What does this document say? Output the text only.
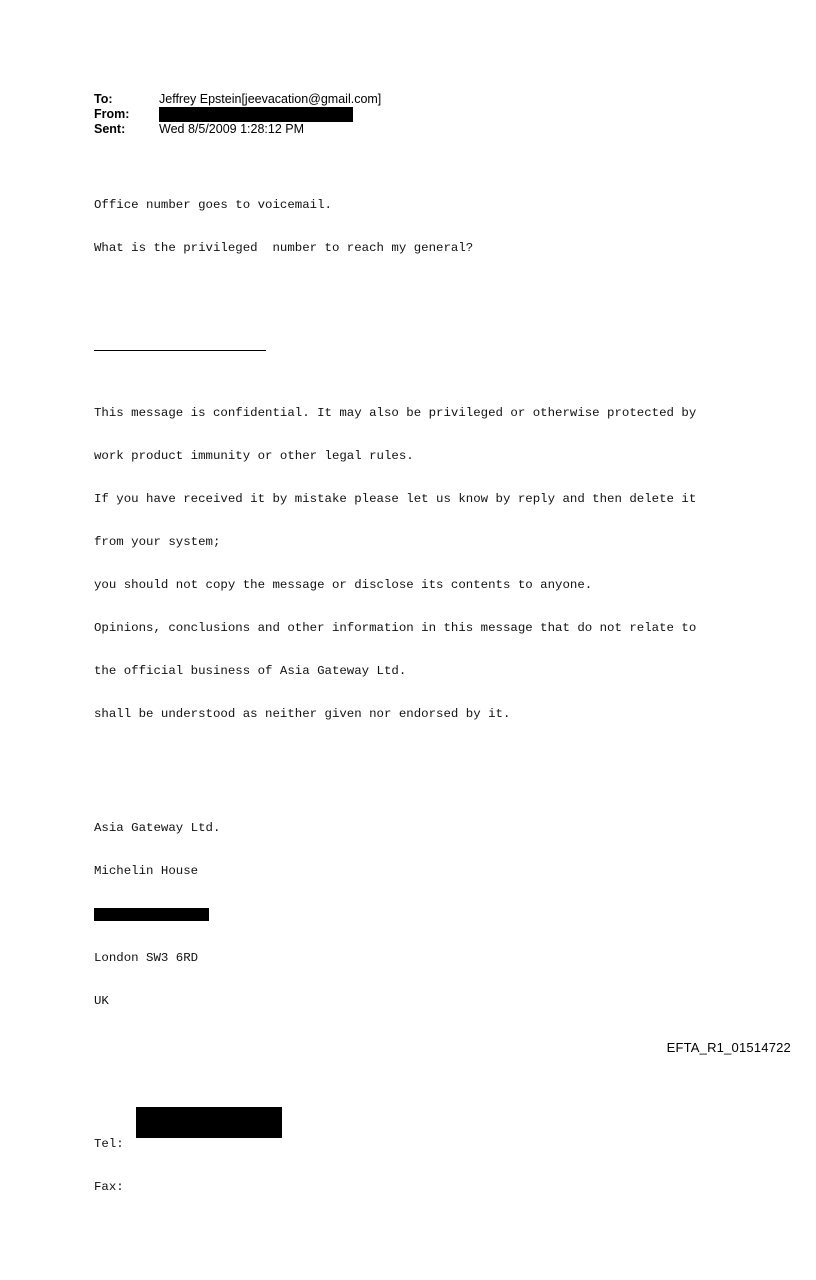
To:	Jeffrey Epstein[jeevacation@gmail.com]
From:
Sent:	Wed 8/5/2009 1:28:12 PM

Office number goes to voicemail.

What is the privileged  number to reach my general?

This message is confidential. It may also be privileged or otherwise protected by

work product immunity or other legal rules.

If you have received it by mistake please let us know by reply and then delete it

from your system;

you should not copy the message or disclose its contents to anyone.

Opinions, conclusions and other information in this message that do not relate to

the official business of Asia Gateway Ltd.

shall be understood as neither given nor endorsed by it.

Asia Gateway Ltd.

Michelin House

London SW3 6RD

UK

Tel:

Fax:

EFTA_R1_01514722
